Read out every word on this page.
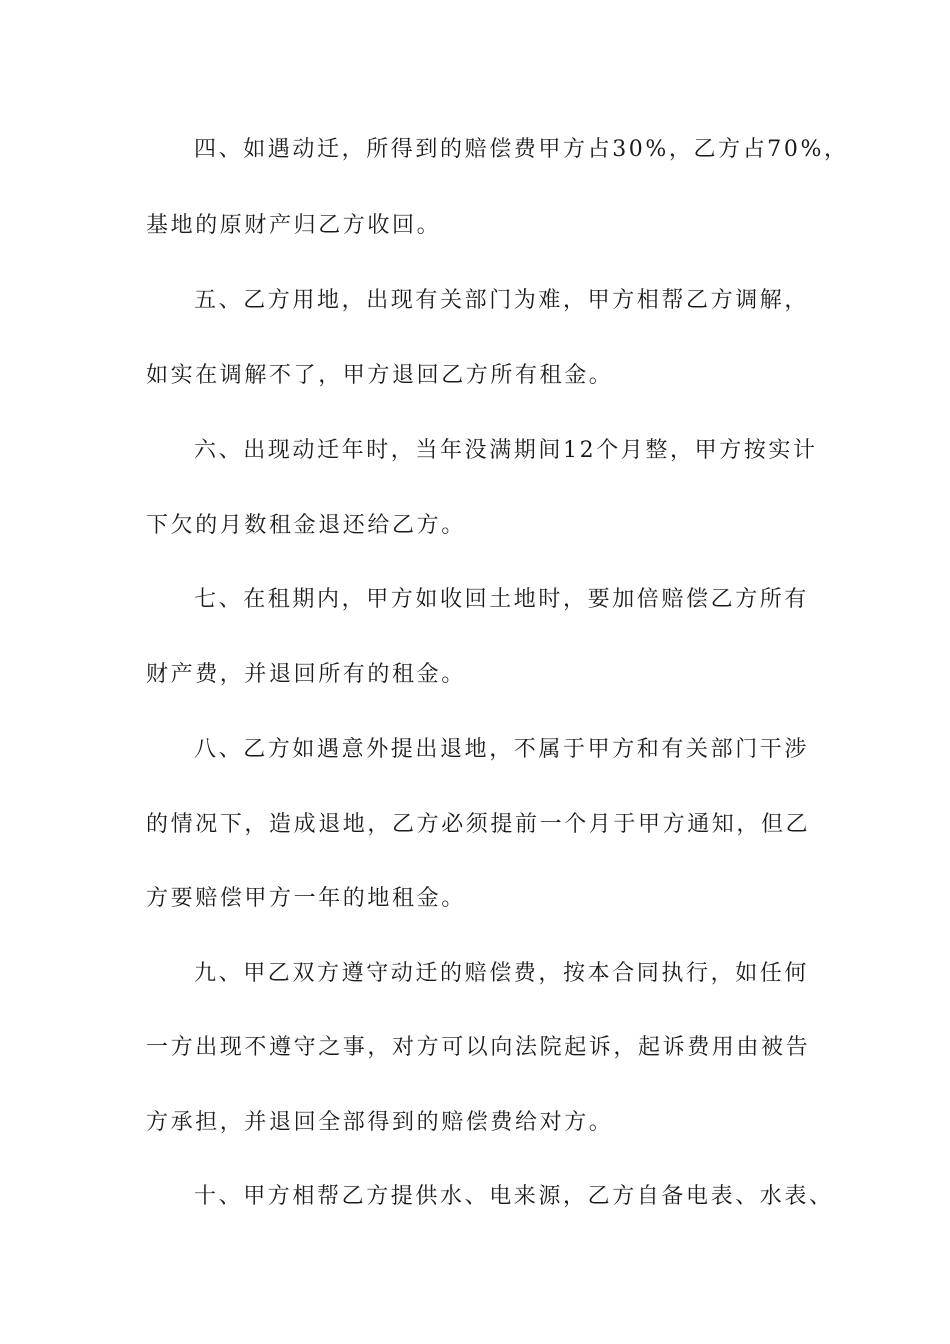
四、如遇动迁，所得到的赔偿费甲方占30%，乙方占70%，

基地的原财产归乙方收回。

五、乙方用地，出现有关部门为难，甲方相帮乙方调解，

如实在调解不了，甲方退回乙方所有租金。

六、出现动迁年时，当年没满期间12个月整，甲方按实计

下欠的月数租金退还给乙方。

七、在租期内，甲方如收回土地时，要加倍赔偿乙方所有

财产费，并退回所有的租金。

八、乙方如遇意外提出退地，不属于甲方和有关部门干涉

的情况下，造成退地，乙方必须提前一个月于甲方通知，但乙

方要赔偿甲方一年的地租金。

九、甲乙双方遵守动迁的赔偿费，按本合同执行，如任何

一方出现不遵守之事，对方可以向法院起诉，起诉费用由被告

方承担，并退回全部得到的赔偿费给对方。

十、甲方相帮乙方提供水、电来源，乙方自备电表、水表、
